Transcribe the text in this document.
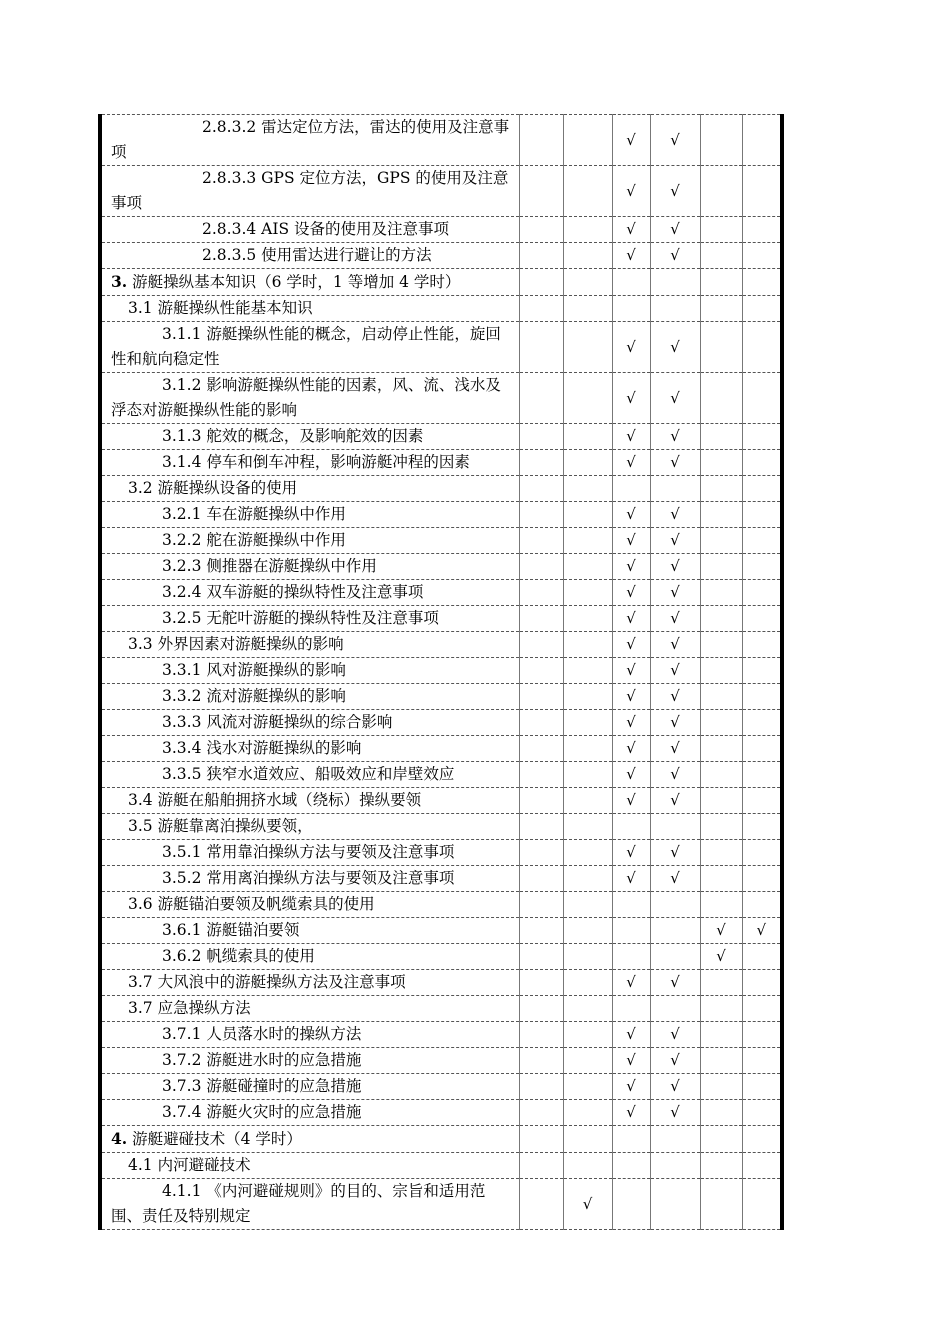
2.8.3.2 雷达定位方法，雷达的使用及注意事项			√	√		
2.8.3.3 GPS 定位方法，GPS 的使用及注意事项			√	√		
2.8.3.4 AIS 设备的使用及注意事项			√	√		
2.8.3.5 使用雷达进行避让的方法			√	√		
3. 游艇操纵基本知识（6 学时，1 等增加 4 学时）						
3.1 游艇操纵性能基本知识						
3.1.1 游艇操纵性能的概念，启动停止性能，旋回性和航向稳定性			√	√		
3.1.2 影响游艇操纵性能的因素，风、流、浅水及浮态对游艇操纵性能的影响			√	√		
3.1.3 舵效的概念，及影响舵效的因素			√	√		
3.1.4 停车和倒车冲程，影响游艇冲程的因素			√	√		
3.2 游艇操纵设备的使用						
3.2.1 车在游艇操纵中作用			√	√		
3.2.2 舵在游艇操纵中作用			√	√		
3.2.3 侧推器在游艇操纵中作用			√	√		
3.2.4 双车游艇的操纵特性及注意事项			√	√		
3.2.5 无舵叶游艇的操纵特性及注意事项			√	√		
3.3 外界因素对游艇操纵的影响			√	√		
3.3.1 风对游艇操纵的影响			√	√		
3.3.2 流对游艇操纵的影响			√	√		
3.3.3 风流对游艇操纵的综合影响			√	√		
3.3.4 浅水对游艇操纵的影响			√	√		
3.3.5 狭窄水道效应、船吸效应和岸壁效应			√	√		
3.4 游艇在船舶拥挤水域（绕标）操纵要领			√	√		
3.5 游艇靠离泊操纵要领，						
3.5.1 常用靠泊操纵方法与要领及注意事项			√	√		
3.5.2 常用离泊操纵方法与要领及注意事项			√	√		
3.6 游艇锚泊要领及帆缆索具的使用						
3.6.1 游艇锚泊要领					√	√
3.6.2 帆缆索具的使用					√	
3.7 大风浪中的游艇操纵方法及注意事项			√	√		
3.7 应急操纵方法						
3.7.1 人员落水时的操纵方法			√	√		
3.7.2 游艇进水时的应急措施			√	√		
3.7.3 游艇碰撞时的应急措施			√	√		
3.7.4 游艇火灾时的应急措施			√	√		
4. 游艇避碰技术（4 学时）						
4.1 内河避碰技术						
4.1.1 《内河避碰规则》的目的、宗旨和适用范围、责任及特别规定		√				
